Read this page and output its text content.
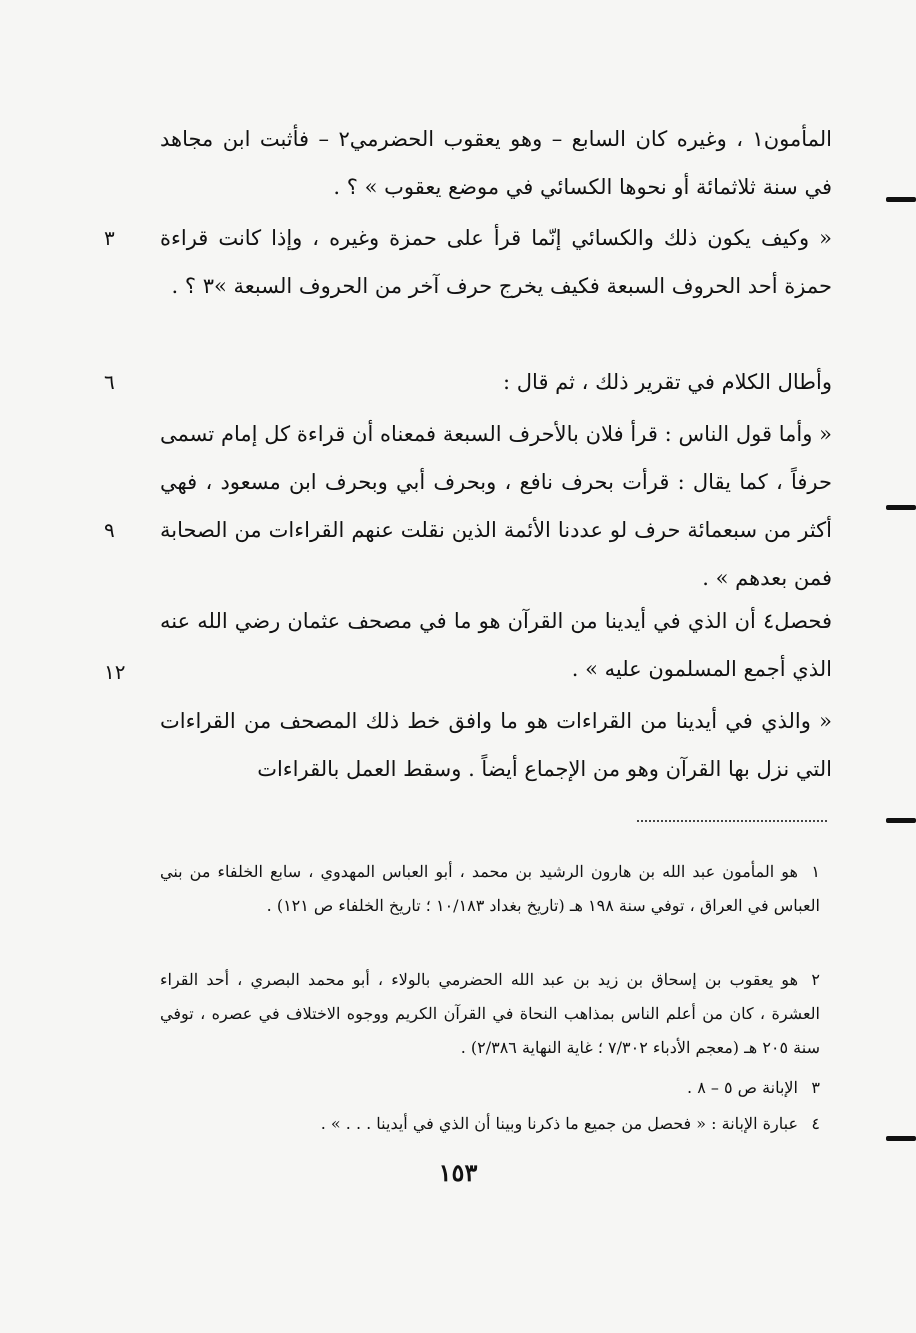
المأمون١ ، وغيره كان السابع – وهو يعقوب الحضرمي٢ – فأثبت ابن مجاهد في سنة ثلاثمائة أو نحوها الكسائي في موضع يعقوب » ؟ .

« وكيف يكون ذلك والكسائي إنّما قرأ على حمزة وغيره ، وإذا كانت قراءة حمزة أحد الحروف السبعة فكيف يخرج حرف آخر من الحروف السبعة »٣ ؟ .

وأطال الكلام في تقرير ذلك ، ثم قال :

« وأما قول الناس : قرأ فلان بالأحرف السبعة فمعناه أن قراءة كل إمام تسمى حرفاً ، كما يقال : قرأت بحرف نافع ، وبحرف أبي وبحرف ابن مسعود ، فهي أكثر من سبعمائة حرف لو عددنا الأئمة الذين نقلت عنهم القراءات من الصحابة فمن بعدهم » .

فحصل٤ أن الذي في أيدينا من القرآن هو ما في مصحف عثمان رضي الله عنه الذي أجمع المسلمون عليه » .

« والذي في أيدينا من القراءات هو ما وافق خط ذلك المصحف من القراءات التي نزل بها القرآن وهو من الإجماع أيضاً . وسقط العمل بالقراءات

٣
٦
٩
١٢

١هو المأمون عبد الله بن هارون الرشيد بن محمد ، أبو العباس المهدوي ، سابع الخلفاء من بني العباس في العراق ، توفي سنة ١٩٨ هـ (تاريخ بغداد ١٠/١٨٣ ؛ تاريخ الخلفاء ص ١٢١) .

٢هو يعقوب بن إسحاق بن زيد بن عبد الله الحضرمي بالولاء ، أبو محمد البصري ، أحد القراء العشرة ، كان من أعلم الناس بمذاهب النحاة في القرآن الكريم ووجوه الاختلاف في عصره ، توفي سنة ٢٠٥ هـ (معجم الأدباء ٧/٣٠٢ ؛ غاية النهاية ٢/٣٨٦) .

٣الإبانة ص ٥ – ٨ .

٤عبارة الإبانة : « فحصل من جميع ما ذكرنا وبينا أن الذي في أيدينا . . . » .

١٥٣
